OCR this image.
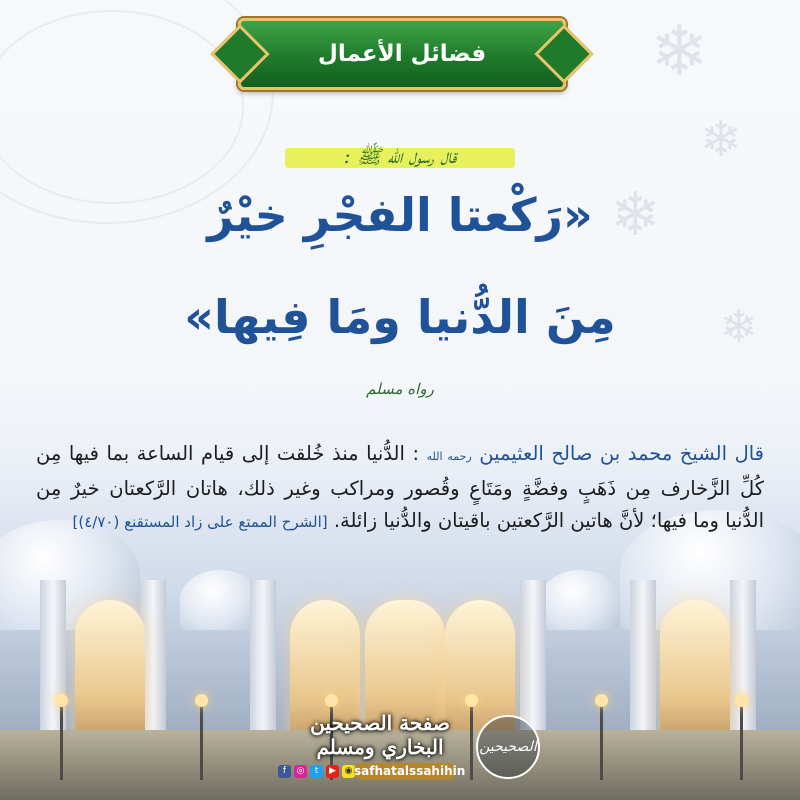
❄
❄
❄
❄
فضائل الأعمال
قال رسول الله ﷺ :
«رَكْعتا الفجْرِ خيْرٌ
مِنَ الدُّنيا ومَا فِيها»
رواه مسلم
قال الشيخ محمد بن صالح العثيمين رحمه الله : الدُّنيا منذ خُلقت إلى قيام الساعة بما فيها مِن كُلِّ الزَّخارف مِن ذَهَبٍ وفضَّةٍ ومَتَاعٍ وقُصور ومراكب وغير ذلك، هاتان الرَّكعتان خيرٌ مِن الدُّنيا وما فيها؛ لأنَّ هاتين الرَّكعتين باقيتان والدُّنيا زائلة. [الشرح الممتع على زاد المستقنع (٤/٧٠)]
صفحة الصحيحين البخاري ومسلم
f	◎	t	▶ ◉ safhatalssahihin
الصحيحين
